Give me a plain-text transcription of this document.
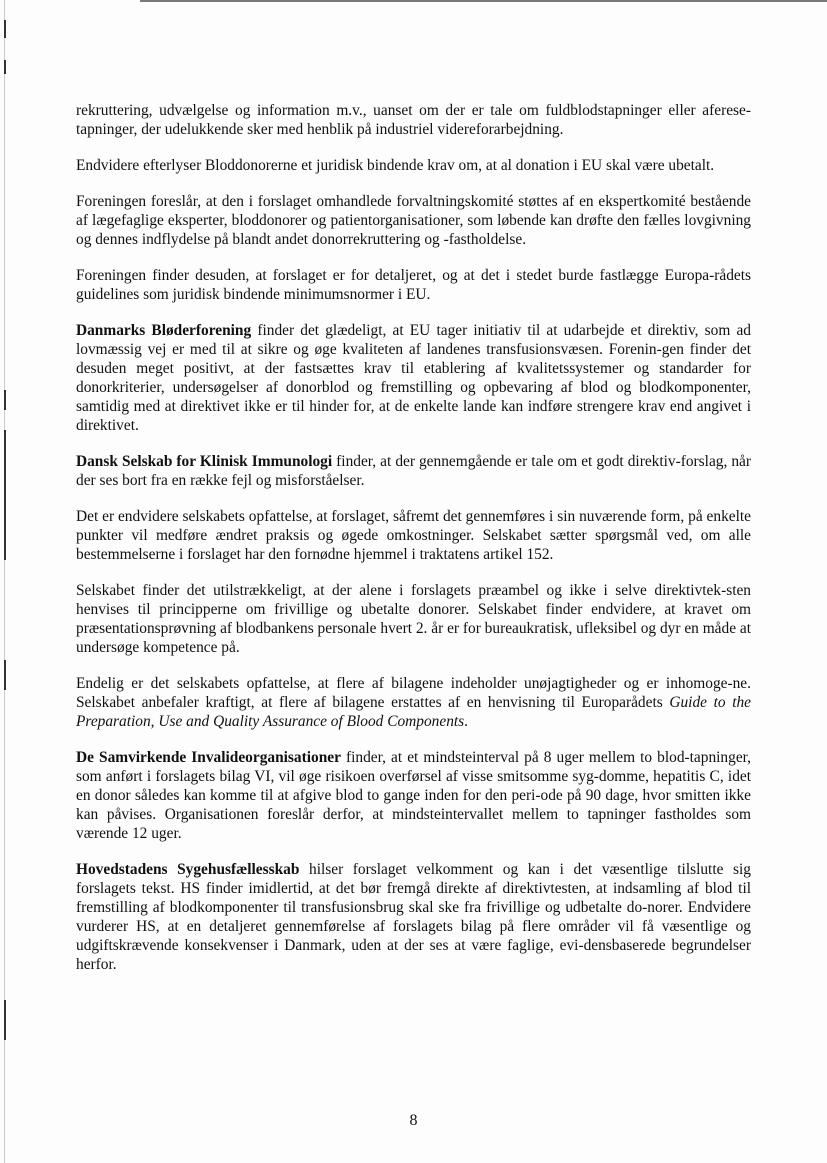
rekruttering, udvælgelse og information m.v., uanset om der er tale om fuldblodstapninger eller aferese-tapninger, der udelukkende sker med henblik på industriel videreforarbejdning.

Endvidere efterlyser Bloddonorerne et juridisk bindende krav om, at al donation i EU skal være ubetalt.

Foreningen foreslår, at den i forslaget omhandlede forvaltningskomité støttes af en ekspertkomité bestående af lægefaglige eksperter, bloddonorer og patientorganisationer, som løbende kan drøfte den fælles lovgivning og dennes indflydelse på blandt andet donorrekruttering og -fastholdelse.

Foreningen finder desuden, at forslaget er for detaljeret, og at det i stedet burde fastlægge Europa-rådets guidelines som juridisk bindende minimumsnormer i EU.

Danmarks Bløderforening finder det glædeligt, at EU tager initiativ til at udarbejde et direktiv, som ad lovmæssig vej er med til at sikre og øge kvaliteten af landenes transfusionsvæsen. Forenin-gen finder det desuden meget positivt, at der fastsættes krav til etablering af kvalitetssystemer og standarder for donorkriterier, undersøgelser af donorblod og fremstilling og opbevaring af blod og blodkomponenter, samtidig med at direktivet ikke er til hinder for, at de enkelte lande kan indføre strengere krav end angivet i direktivet.

Dansk Selskab for Klinisk Immunologi finder, at der gennemgående er tale om et godt direktiv-forslag, når der ses bort fra en række fejl og misforståelser.

Det er endvidere selskabets opfattelse, at forslaget, såfremt det gennemføres i sin nuværende form, på enkelte punkter vil medføre ændret praksis og øgede omkostninger. Selskabet sætter spørgsmål ved, om alle bestemmelserne i forslaget har den fornødne hjemmel i traktatens artikel 152.

Selskabet finder det utilstrækkeligt, at der alene i forslagets præambel og ikke i selve direktivtek-sten henvises til principperne om frivillige og ubetalte donorer. Selskabet finder endvidere, at kravet om præsentationsprøvning af blodbankens personale hvert 2. år er for bureaukratisk, ufleksibel og dyr en måde at undersøge kompetence på.

Endelig er det selskabets opfattelse, at flere af bilagene indeholder unøjagtigheder og er inhomoge-ne. Selskabet anbefaler kraftigt, at flere af bilagene erstattes af en henvisning til Europarådets Guide to the Preparation, Use and Quality Assurance of Blood Components.

De Samvirkende Invalideorganisationer finder, at et mindsteinterval på 8 uger mellem to blod-tapninger, som anført i forslagets bilag VI, vil øge risikoen overførsel af visse smitsomme syg-domme, hepatitis C, idet en donor således kan komme til at afgive blod to gange inden for den peri-ode på 90 dage, hvor smitten ikke kan påvises. Organisationen foreslår derfor, at mindsteintervallet mellem to tapninger fastholdes som værende 12 uger.

Hovedstadens Sygehusfællesskab hilser forslaget velkomment og kan i det væsentlige tilslutte sig forslagets tekst. HS finder imidlertid, at det bør fremgå direkte af direktivtesten, at indsamling af blod til fremstilling af blodkomponenter til transfusionsbrug skal ske fra frivillige og udbetalte do-norer. Endvidere vurderer HS, at en detaljeret gennemførelse af forslagets bilag på flere områder vil få væsentlige og udgiftskrævende konsekvenser i Danmark, uden at der ses at være faglige, evi-densbaserede begrundelser herfor.

8
